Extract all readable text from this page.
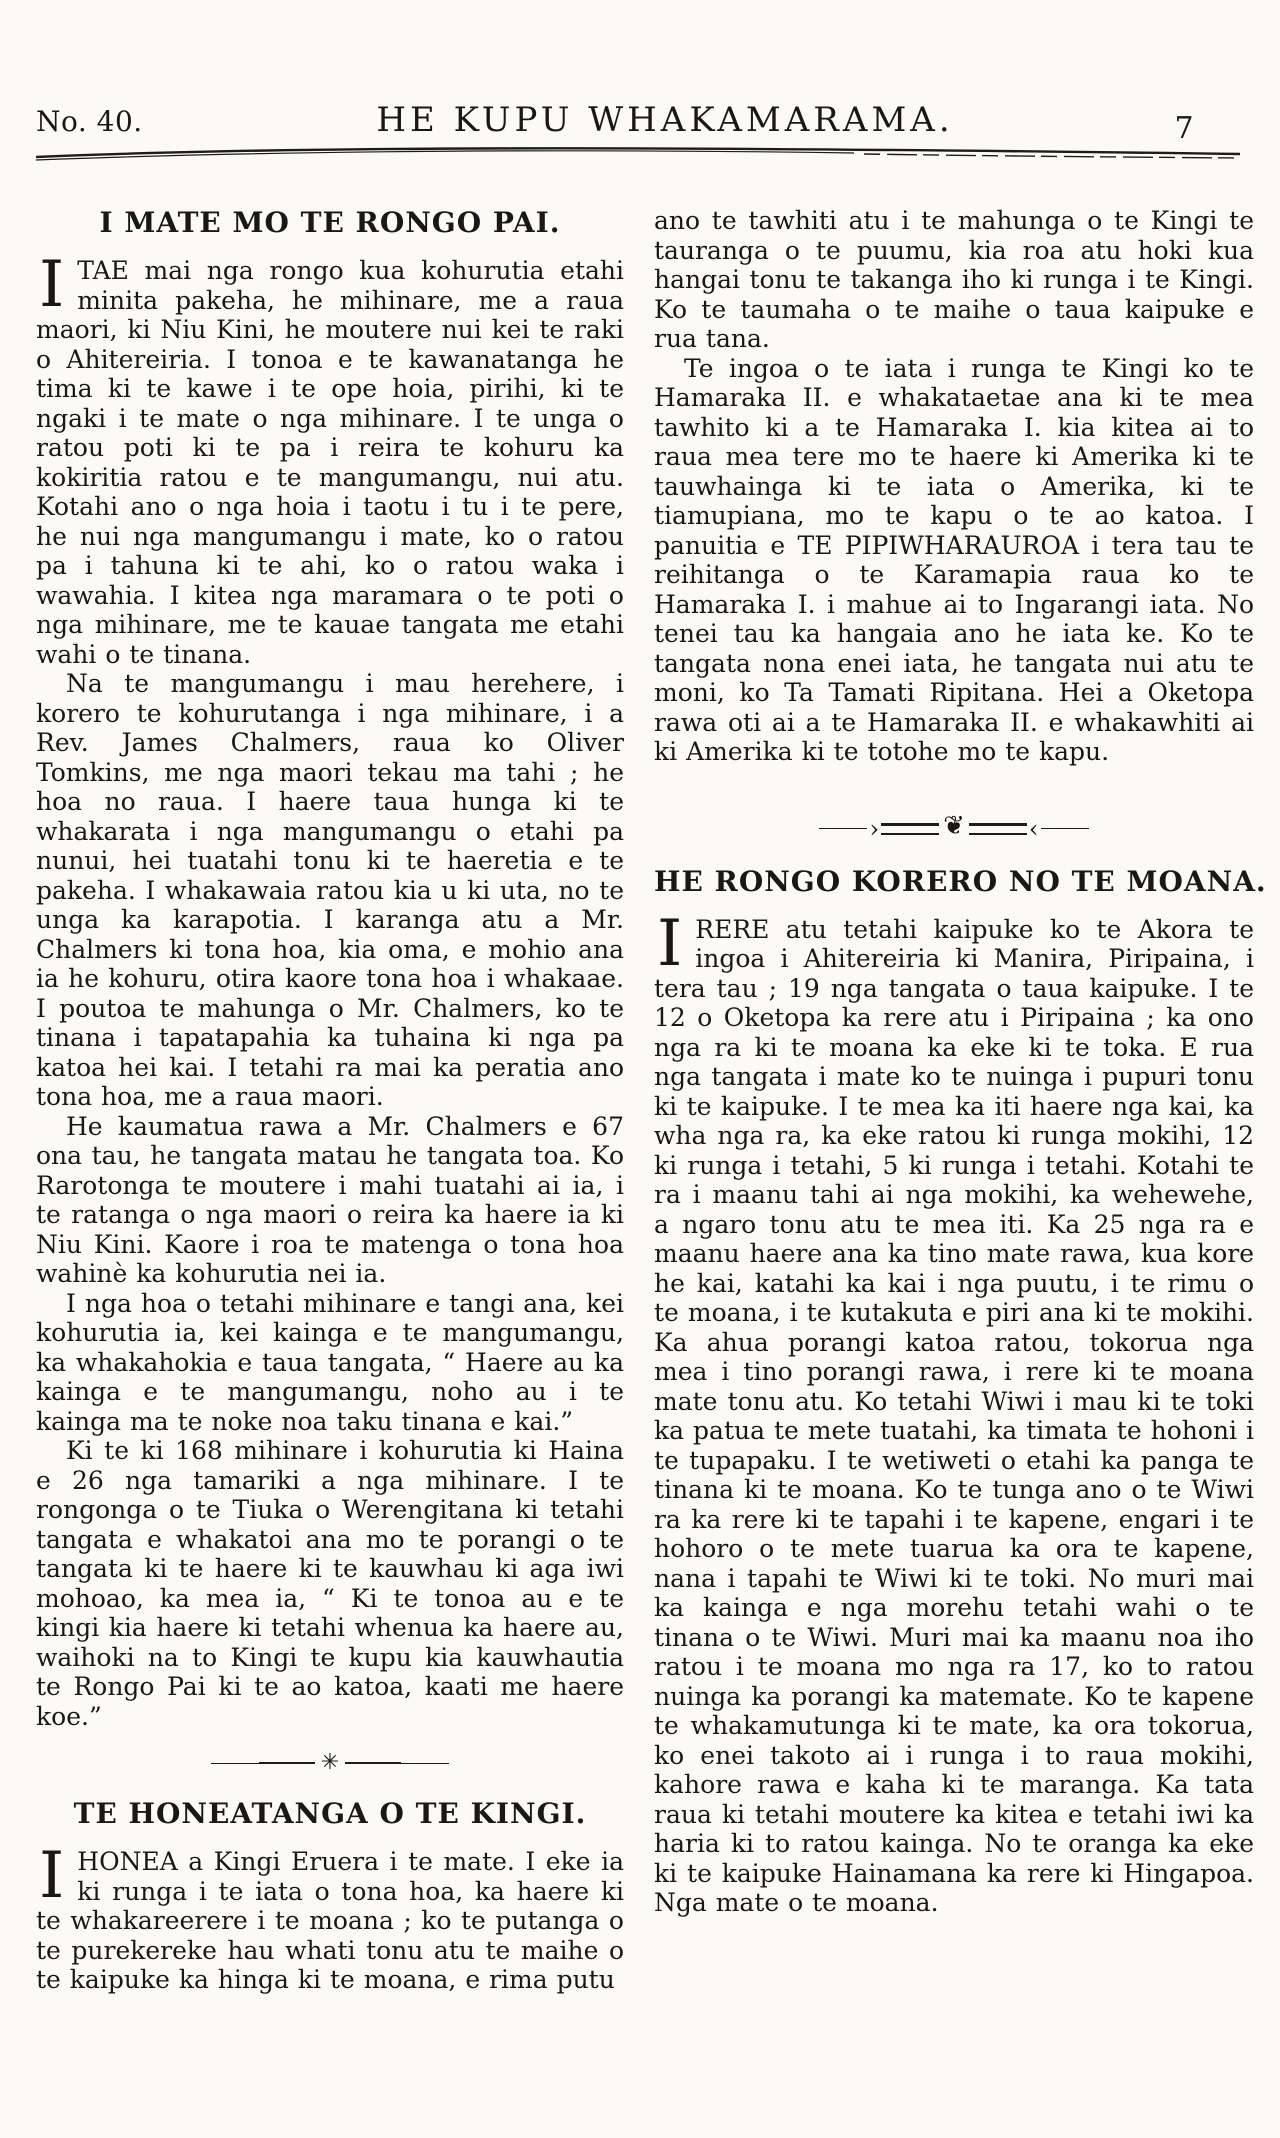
No. 40.	HE KUPU WHAKAMARAMA.	7
I MATE MO TE RONGO PAI.

ITAE mai nga rongo kua kohurutia etahi minita pakeha, he mihinare, me a raua maori, ki Niu Kini, he moutere nui kei te raki o Ahitereiria. I tonoa e te kawanatanga he tima ki te kawe i te ope hoia, pirihi, ki te ngaki i te mate o nga mihinare. I te unga o ratou poti ki te pa i reira te kohuru ka kokiritia ratou e te mangumangu, nui atu. Kotahi ano o nga hoia i taotu i tu i te pere, he nui nga mangumangu i mate, ko o ratou pa i tahuna ki te ahi, ko o ratou waka i wawahia. I kitea nga maramara o te poti o nga mihinare, me te kauae tangata me etahi wahi o te tinana.

Na te mangumangu i mau herehere, i korero te kohurutanga i nga mihinare, i a Rev. James Chalmers, raua ko Oliver Tomkins, me nga maori tekau ma tahi ; he hoa no raua. I haere taua hunga ki te whakarata i nga mangumangu o etahi pa nunui, hei tuatahi tonu ki te haeretia e te pakeha. I whakawaia ratou kia u ki uta, no te unga ka karapotia. I karanga atu a Mr. Chalmers ki tona hoa, kia oma, e mohio ana ia he kohuru, otira kaore tona hoa i whakaae. I poutoa te mahunga o Mr. Chalmers, ko te tinana i tapatapahia ka tuhaina ki nga pa katoa hei kai. I tetahi ra mai ka peratia ano tona hoa, me a raua maori.

He kaumatua rawa a Mr. Chalmers e 67 ona tau, he tangata matau he tangata toa. Ko Rarotonga te moutere i mahi tuatahi ai ia, i te ratanga o nga maori o reira ka haere ia ki Niu Kini. Kaore i roa te matenga o tona hoa wahinè ka kohurutia nei ia.

I nga hoa o tetahi mihinare e tangi ana, kei kohurutia ia, kei kainga e te mangumangu, ka whakahokia e taua tangata, “ Haere au ka kainga e te mangumangu, noho au i te kainga ma te noke noa taku tinana e kai.”

Ki te ki 168 mihinare i kohurutia ki Haina e 26 nga tamariki a nga mihinare. I te rongonga o te Tiuka o Werengitana ki tetahi tangata e whakatoi ana mo te porangi o te tangata ki te haere ki te kauwhau ki aga iwi mohoao, ka mea ia, “ Ki te tonoa au e te kingi kia haere ki tetahi whenua ka haere au, waihoki na to Kingi te kupu kia kauwhautia te Rongo Pai ki te ao katoa, kaati me haere koe.”

✳
TE HONEATANGA O TE KINGI.

IHONEA a Kingi Eruera i te mate. I eke ia ki runga i te iata o tona hoa, ka haere ki te whakareerere i te moana ; ko te putanga o te purekereke hau whati tonu atu te maihe o te kaipuke ka hinga ki te moana, e rima putu

ano te tawhiti atu i te mahunga o te Kingi te tauranga o te puumu, kia roa atu hoki kua hangai tonu te takanga iho ki runga i te Kingi. Ko te taumaha o te maihe o taua kaipuke e rua tana.

Te ingoa o te iata i runga te Kingi ko te Hamaraka II. e whakataetae ana ki te mea tawhito ki a te Hamaraka I. kia kitea ai to raua mea tere mo te haere ki Amerika ki te tauwhainga ki te iata o Amerika, ki te tiamupiana, mo te kapu o te ao katoa. I panuitia e TE PIPIWHARAUROA i tera tau te reihitanga o te Karamapia raua ko te Hamaraka I. i mahue ai to Ingarangi iata. No tenei tau ka hangaia ano he iata ke. Ko te tangata nona enei iata, he tangata nui atu te moni, ko Ta Tamati Ripitana. Hei a Oketopa rawa oti ai a te Hamaraka II. e whakawhiti ai ki Amerika ki te totohe mo te kapu.

› ❦	‹
HE RONGO KORERO NO TE MOANA.

IRERE atu tetahi kaipuke ko te Akora te ingoa i Ahitereiria ki Manira, Piripaina, i tera tau ; 19 nga tangata o taua kaipuke. I te 12 o Oketopa ka rere atu i Piripaina ; ka ono nga ra ki te moana ka eke ki te toka. E rua nga tangata i mate ko te nuinga i pupuri tonu ki te kaipuke. I te mea ka iti haere nga kai, ka wha nga ra, ka eke ratou ki runga mokihi, 12 ki runga i tetahi, 5 ki runga i tetahi. Kotahi te ra i maanu tahi ai nga mokihi, ka wehewehe, a ngaro tonu atu te mea iti. Ka 25 nga ra e maanu haere ana ka tino mate rawa, kua kore he kai, katahi ka kai i nga puutu, i te rimu o te moana, i te kutakuta e piri ana ki te mokihi. Ka ahua porangi katoa ratou, tokorua nga mea i tino porangi rawa, i rere ki te moana mate tonu atu. Ko tetahi Wiwi i mau ki te toki ka patua te mete tuatahi, ka timata te hohoni i te tupapaku. I te wetiweti o etahi ka panga te tinana ki te moana. Ko te tunga ano o te Wiwi ra ka rere ki te tapahi i te kapene, engari i te hohoro o te mete tuarua ka ora te kapene, nana i tapahi te Wiwi ki te toki. No muri mai ka kainga e nga morehu tetahi wahi o te tinana o te Wiwi. Muri mai ka maanu noa iho ratou i te moana mo nga ra 17, ko to ratou nuinga ka porangi ka matemate. Ko te kapene te whakamutunga ki te mate, ka ora tokorua, ko enei takoto ai i runga i to raua mokihi, kahore rawa e kaha ki te maranga. Ka tata raua ki tetahi moutere ka kitea e tetahi iwi ka haria ki to ratou kainga. No te oranga ka eke ki te kaipuke Hainamana ka rere ki Hingapoa. Nga mate o te moana.
